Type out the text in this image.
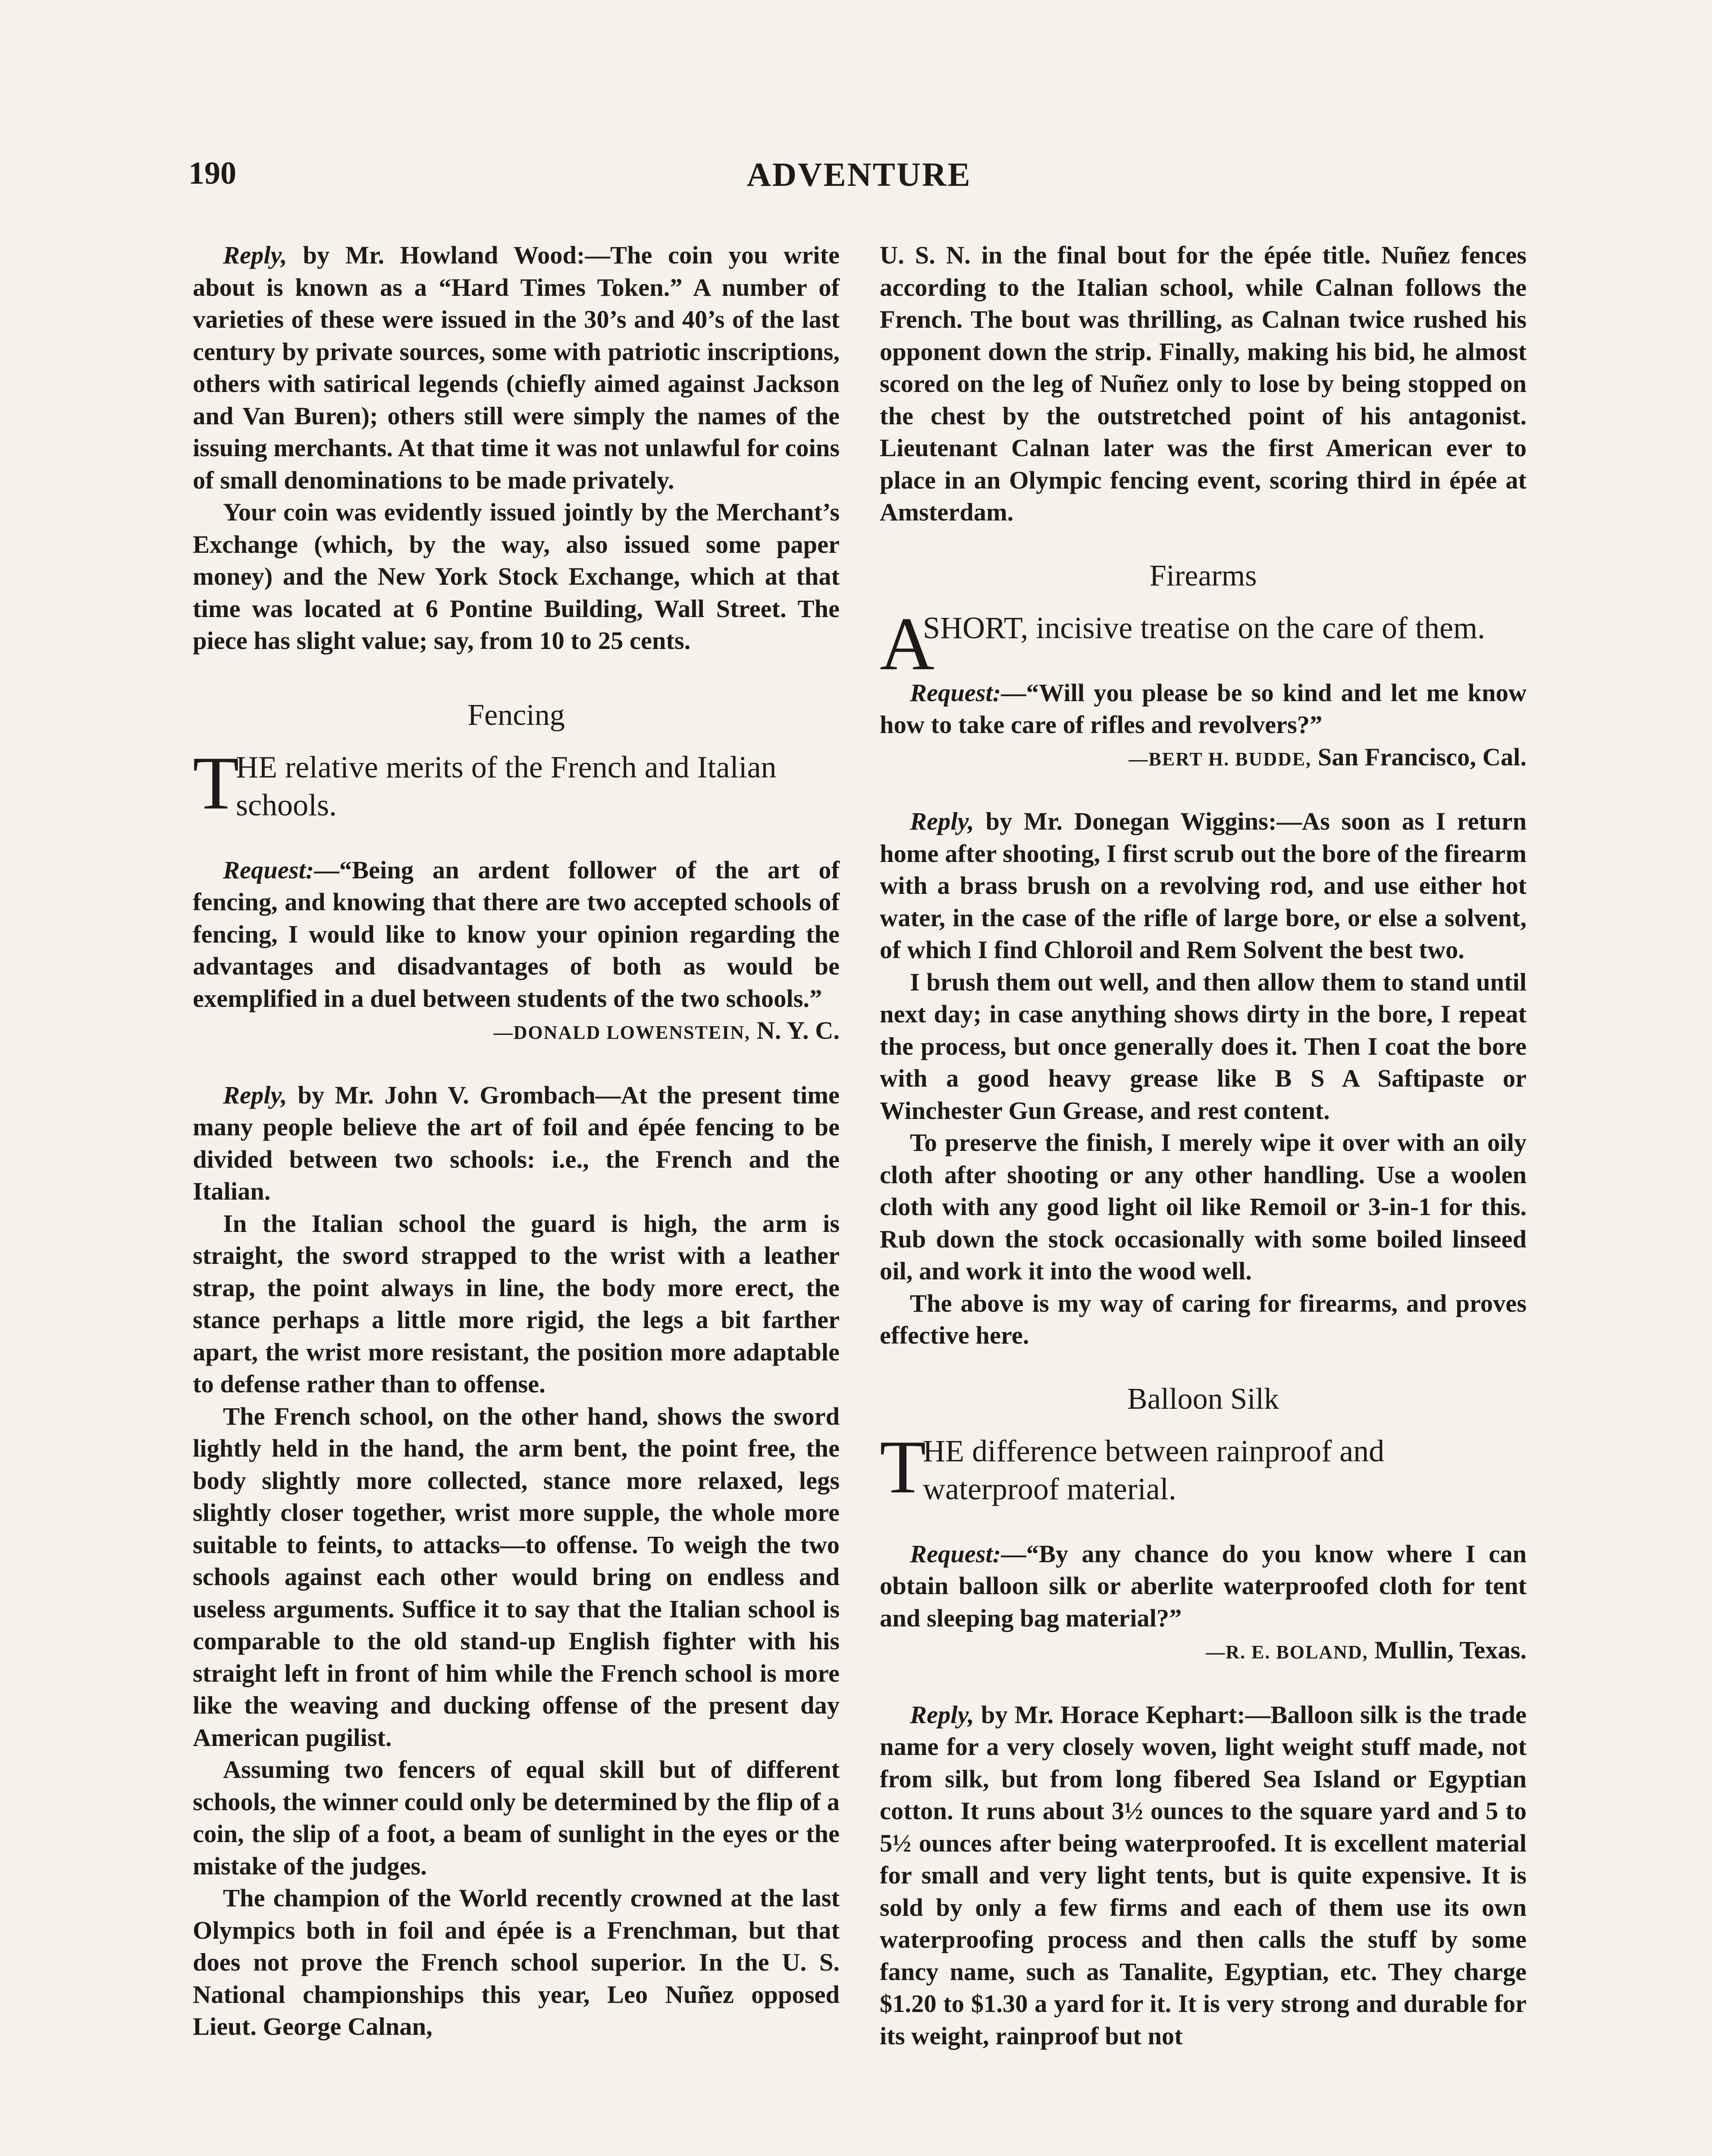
190	ADVENTURE

Reply, by Mr. Howland Wood:—The coin you write about is known as a “Hard Times Token.” A number of varieties of these were issued in the 30’s and 40’s of the last century by private sources, some with patriotic inscriptions, others with satirical legends (chiefly aimed against Jackson and Van Buren); others still were simply the names of the issuing merchants. At that time it was not unlawful for coins of small denominations to be made privately.

Your coin was evidently issued jointly by the Merchant’s Exchange (which, by the way, also issued some paper money) and the New York Stock Exchange, which at that time was located at 6 Pontine Building, Wall Street. The piece has slight value; say, from 10 to 25 cents.

Fencing
T
HE relative merits of the French and Italian schools.

Request:—“Being an ardent follower of the art of fencing, and knowing that there are two accepted schools of fencing, I would like to know your opinion regarding the advantages and disadvantages of both as would be exemplified in a duel between students of the two schools.”

—DONALD LOWENSTEIN, N. Y. C.

Reply, by Mr. John V. Grombach—At the present time many people believe the art of foil and épée fencing to be divided between two schools: i.e., the French and the Italian.

In the Italian school the guard is high, the arm is straight, the sword strapped to the wrist with a leather strap, the point always in line, the body more erect, the stance perhaps a little more rigid, the legs a bit farther apart, the wrist more resistant, the position more adaptable to defense rather than to offense.

The French school, on the other hand, shows the sword lightly held in the hand, the arm bent, the point free, the body slightly more collected, stance more relaxed, legs slightly closer together, wrist more supple, the whole more suitable to feints, to attacks—to offense. To weigh the two schools against each other would bring on endless and useless arguments. Suffice it to say that the Italian school is comparable to the old stand-up English fighter with his straight left in front of him while the French school is more like the weaving and ducking offense of the present day American pugilist.

Assuming two fencers of equal skill but of different schools, the winner could only be determined by the flip of a coin, the slip of a foot, a beam of sunlight in the eyes or the mistake of the judges.

The champion of the World recently crowned at the last Olympics both in foil and épée is a Frenchman, but that does not prove the French school superior. In the U. S. National championships this year, Leo Nuñez opposed Lieut. George Calnan,

U. S. N. in the final bout for the épée title. Nuñez fences according to the Italian school, while Calnan follows the French. The bout was thrilling, as Calnan twice rushed his opponent down the strip. Finally, making his bid, he almost scored on the leg of Nuñez only to lose by being stopped on the chest by the outstretched point of his antagonist. Lieutenant Calnan later was the first American ever to place in an Olympic fencing event, scoring third in épée at Amsterdam.

Firearms
A
SHORT, incisive treatise on the care of them.

Request:—“Will you please be so kind and let me know how to take care of rifles and revolvers?”

—BERT H. BUDDE, San Francisco, Cal.

Reply, by Mr. Donegan Wiggins:—As soon as I return home after shooting, I first scrub out the bore of the firearm with a brass brush on a revolving rod, and use either hot water, in the case of the rifle of large bore, or else a solvent, of which I find Chloroil and Rem Solvent the best two.

I brush them out well, and then allow them to stand until next day; in case anything shows dirty in the bore, I repeat the process, but once generally does it. Then I coat the bore with a good heavy grease like B S A Saftipaste or Winchester Gun Grease, and rest content.

To preserve the finish, I merely wipe it over with an oily cloth after shooting or any other handling. Use a woolen cloth with any good light oil like Remoil or 3-in-1 for this. Rub down the stock occasionally with some boiled linseed oil, and work it into the wood well.

The above is my way of caring for firearms, and proves effective here.

Balloon Silk
T
HE difference between rainproof and waterproof material.

Request:—“By any chance do you know where I can obtain balloon silk or aberlite waterproofed cloth for tent and sleeping bag material?”

—R. E. BOLAND, Mullin, Texas.

Reply, by Mr. Horace Kephart:—Balloon silk is the trade name for a very closely woven, light weight stuff made, not from silk, but from long fibered Sea Island or Egyptian cotton. It runs about 3½ ounces to the square yard and 5 to 5½ ounces after being waterproofed. It is excellent material for small and very light tents, but is quite expensive. It is sold by only a few firms and each of them use its own waterproofing process and then calls the stuff by some fancy name, such as Tanalite, Egyptian, etc. They charge $1.20 to $1.30 a yard for it. It is very strong and durable for its weight, rainproof but not
